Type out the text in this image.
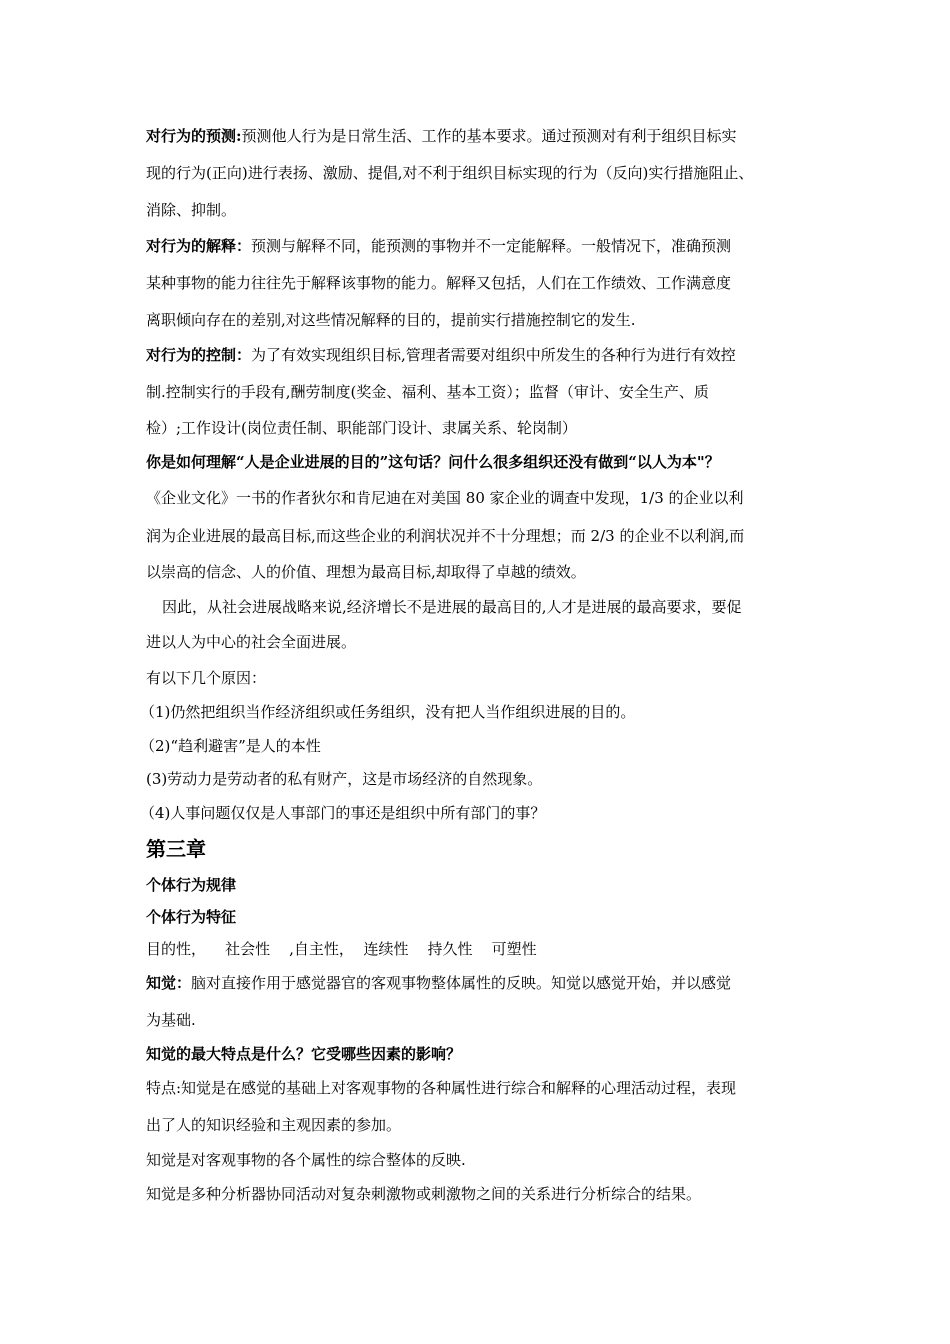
对行为的预测:预测他人行为是日常生活、工作的基本要求。通过预测对有利于组织目标实
现的行为(正向)进行表扬、激励、提倡,对不利于组织目标实现的行为（反向)实行措施阻止、
消除、抑制。
对行为的解释：预测与解释不同，能预测的事物并不一定能解释。一般情况下，准确预测
某种事物的能力往往先于解释该事物的能力。解释又包括，人们在工作绩效、工作满意度
离职倾向存在的差别,对这些情况解释的目的，提前实行措施控制它的发生.
对行为的控制：为了有效实现组织目标,管理者需要对组织中所发生的各种行为进行有效控
制.控制实行的手段有,酬劳制度(奖金、福利、基本工资）；监督（审计、安全生产、质
检）;工作设计(岗位责任制、职能部门设计、隶属关系、轮岗制）
你是如何理解“人是企业进展的目的”这句话？问什么很多组织还没有做到“以人为本"？
《企业文化》一书的作者狄尔和肯尼迪在对美国 80 家企业的调查中发现，1/3 的企业以利
润为企业进展的最高目标,而这些企业的利润状况并不十分理想；而 2/3 的企业不以利润,而
以崇高的信念、人的价值、理想为最高目标,却取得了卓越的绩效。
因此，从社会进展战略来说,经济增长不是进展的最高目的,人才是进展的最高要求，要促
进以人为中心的社会全面进展。
有以下几个原因：
（1)仍然把组织当作经济组织或任务组织，没有把人当作组织进展的目的。
（2)“趋利避害”是人的本性
(3)劳动力是劳动者的私有财产，这是市场经济的自然现象。
（4)人事问题仅仅是人事部门的事还是组织中所有部门的事？
第三章
个体行为规律
个体行为特征
目的性，    社会性    ,自主性，  连续性    持久性    可塑性
知觉：脑对直接作用于感觉器官的客观事物整体属性的反映。知觉以感觉开始，并以感觉
为基础.
知觉的最大特点是什么？它受哪些因素的影响？
特点:知觉是在感觉的基础上对客观事物的各种属性进行综合和解释的心理活动过程，表现
出了人的知识经验和主观因素的参加。
知觉是对客观事物的各个属性的综合整体的反映.
知觉是多种分析器协同活动对复杂刺激物或刺激物之间的关系进行分析综合的结果。
